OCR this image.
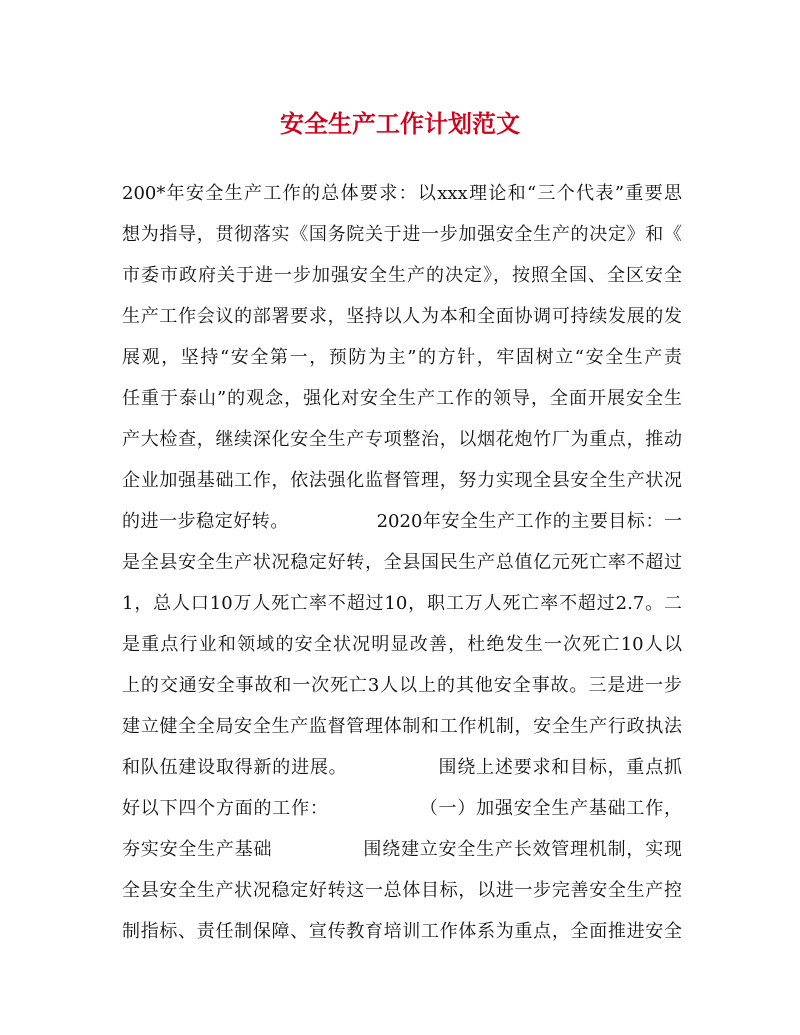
安全生产工作计划范文
200*年安全生产工作的总体要求：以xxx理论和“三个代表”重要思
想为指导，贯彻落实《国务院关于进一步加强安全生产的决定》和《
市委市政府关于进一步加强安全生产的决定》，按照全国、全区安全
生产工作会议的部署要求，坚持以人为本和全面协调可持续发展的发
展观，坚持“安全第一，预防为主”的方针，牢固树立“安全生产责
任重于泰山”的观念，强化对安全生产工作的领导，全面开展安全生
产大检查，继续深化安全生产专项整治，以烟花炮竹厂为重点，推动
企业加强基础工作，依法强化监督管理，努力实现全县安全生产状况
的进一步稳定好转。              2020年安全生产工作的主要目标：一
是全县安全生产状况稳定好转，全县国民生产总值亿元死亡率不超过
1，总人口10万人死亡率不超过10，职工万人死亡率不超过2.7。二
是重点行业和领域的安全状况明显改善，杜绝发生一次死亡10人以
上的交通安全事故和一次死亡3人以上的其他安全事故。三是进一步
建立健全全局安全生产监督管理体制和工作机制，安全生产行政执法
和队伍建设取得新的进展。              围绕上述要求和目标，重点抓
好以下四个方面的工作：              （一）加强安全生产基础工作，
夯实安全生产基础              围绕建立安全生产长效管理机制，实现
全县安全生产状况稳定好转这一总体目标，以进一步完善安全生产控
制指标、责任制保障、宣传教育培训工作体系为重点，全面推进安全
